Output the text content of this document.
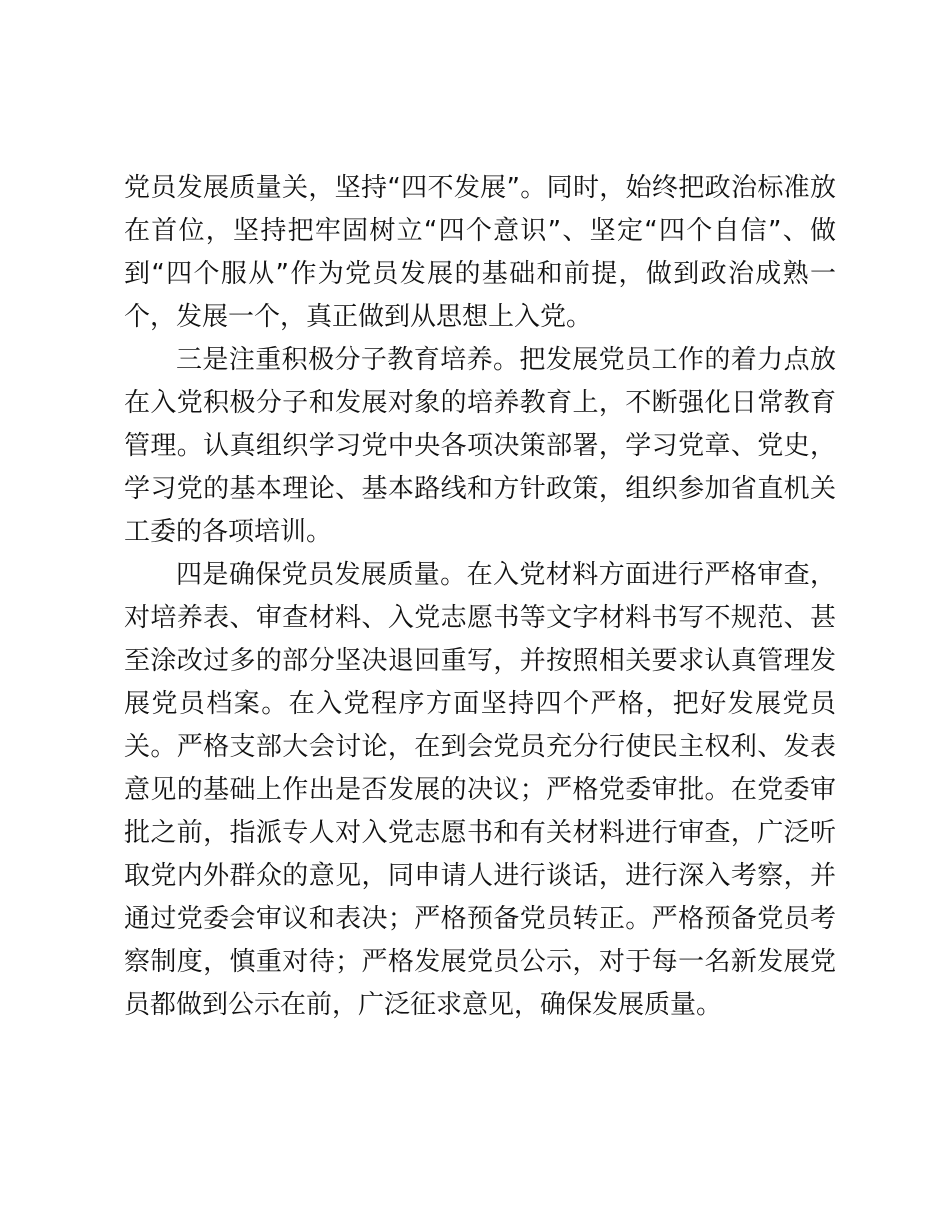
党员发展质量关，坚持“四不发展”。同时，始终把政治标准放在首位，坚持把牢固树立“四个意识”、坚定“四个自信”、做到“四个服从”作为党员发展的基础和前提，做到政治成熟一个，发展一个，真正做到从思想上入党。

三是注重积极分子教育培养。把发展党员工作的着力点放在入党积极分子和发展对象的培养教育上，不断强化日常教育管理。认真组织学习党中央各项决策部署，学习党章、党史，学习党的基本理论、基本路线和方针政策，组织参加省直机关工委的各项培训。

四是确保党员发展质量。在入党材料方面进行严格审查，对培养表、审查材料、入党志愿书等文字材料书写不规范、甚至涂改过多的部分坚决退回重写，并按照相关要求认真管理发展党员档案。在入党程序方面坚持四个严格，把好发展党员关。严格支部大会讨论，在到会党员充分行使民主权利、发表意见的基础上作出是否发展的决议；严格党委审批。在党委审批之前，指派专人对入党志愿书和有关材料进行审查，广泛听取党内外群众的意见，同申请人进行谈话，进行深入考察，并通过党委会审议和表决；严格预备党员转正。严格预备党员考察制度，慎重对待；严格发展党员公示，对于每一名新发展党员都做到公示在前，广泛征求意见，确保发展质量。
